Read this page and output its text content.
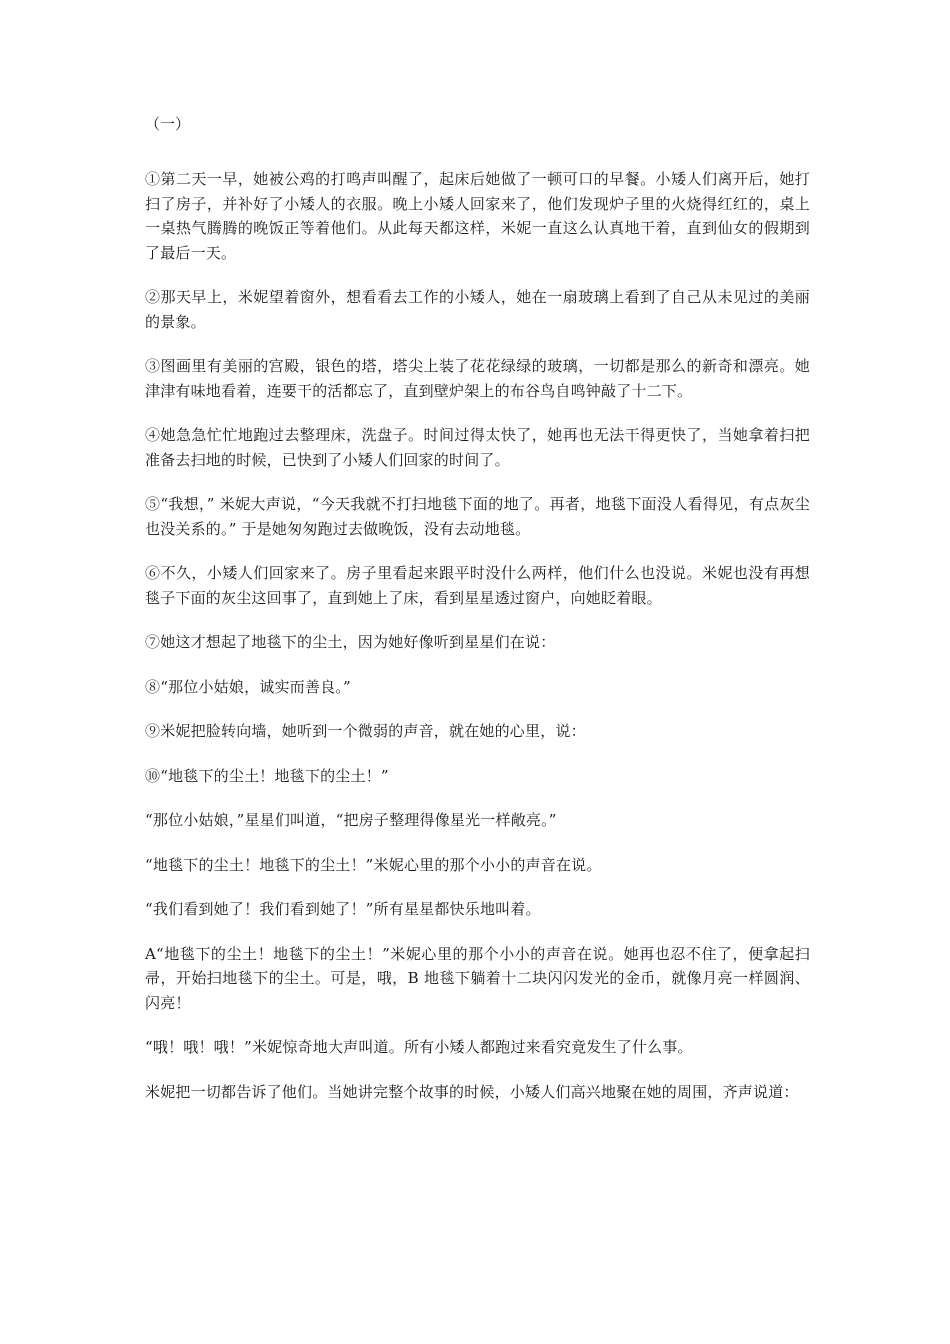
（一）

①第二天一早，她被公鸡的打鸣声叫醒了，起床后她做了一顿可口的早餐。小矮人们离开后，她打扫了房子，并补好了小矮人的衣服。晚上小矮人回家来了，他们发现炉子里的火烧得红红的，桌上一桌热气腾腾的晚饭正等着他们。从此每天都这样，米妮一直这么认真地干着，直到仙女的假期到了最后一天。

②那天早上，米妮望着窗外，想看看去工作的小矮人，她在一扇玻璃上看到了自己从未见过的美丽的景象。

③图画里有美丽的宫殿，银色的塔，塔尖上装了花花绿绿的玻璃，一切都是那么的新奇和漂亮。她津津有味地看着，连要干的活都忘了，直到壁炉架上的布谷鸟自鸣钟敲了十二下。

④她急急忙忙地跑过去整理床，洗盘子。时间过得太快了，她再也无法干得更快了，当她拿着扫把准备去扫地的时候，已快到了小矮人们回家的时间了。

⑤“我想，” 米妮大声说，“今天我就不打扫地毯下面的地了。再者，地毯下面没人看得见，有点灰尘也没关系的。” 于是她匆匆跑过去做晚饭，没有去动地毯。

⑥不久，小矮人们回家来了。房子里看起来跟平时没什么两样，他们什么也没说。米妮也没有再想毯子下面的灰尘这回事了，直到她上了床，看到星星透过窗户，向她眨着眼。

⑦她这才想起了地毯下的尘土，因为她好像听到星星们在说：

⑧“那位小姑娘，诚实而善良。”

⑨米妮把脸转向墙，她听到一个微弱的声音，就在她的心里，说：

⑩“地毯下的尘土！地毯下的尘土！”

“那位小姑娘，”星星们叫道，“把房子整理得像星光一样敞亮。”

“地毯下的尘土！地毯下的尘土！”米妮心里的那个小小的声音在说。

“我们看到她了！我们看到她了！”所有星星都快乐地叫着。

A“地毯下的尘土！地毯下的尘土！”米妮心里的那个小小的声音在说。她再也忍不住了，便拿起扫帚，开始扫地毯下的尘土。可是，哦，B 地毯下躺着十二块闪闪发光的金币，就像月亮一样圆润、闪亮！

“哦！哦！哦！”米妮惊奇地大声叫道。所有小矮人都跑过来看究竟发生了什么事。

米妮把一切都告诉了他们。当她讲完整个故事的时候，小矮人们高兴地聚在她的周围，齐声说道：
